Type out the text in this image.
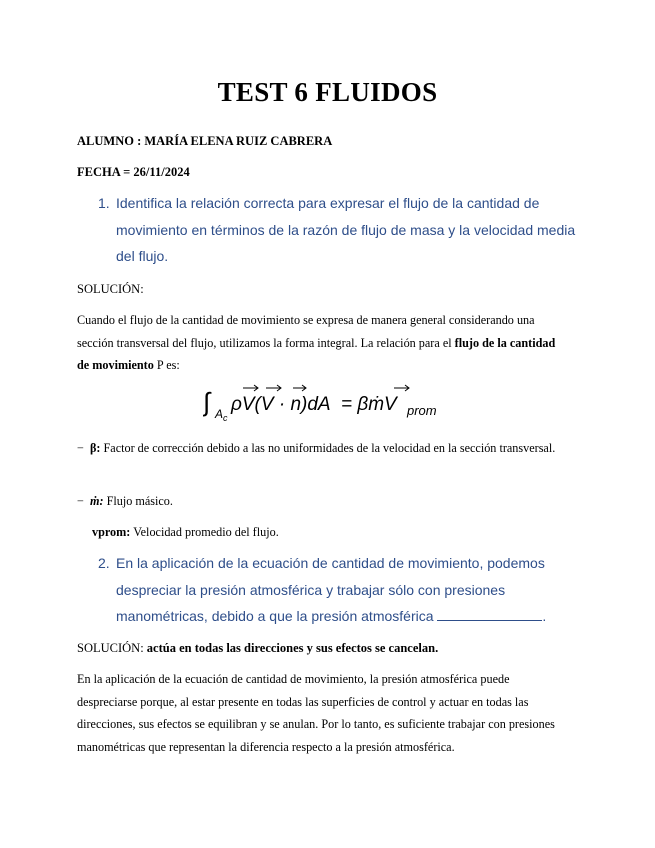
TEST 6 FLUIDOS
ALUMNO : MARÍA ELENA RUIZ CABRERA
FECHA = 26/11/2024
1. Identifica la relación correcta para expresar el flujo de la cantidad de movimiento en términos de la razón de flujo de masa y la velocidad media del flujo.
SOLUCIÓN:
Cuando el flujo de la cantidad de movimiento se expresa de manera general considerando una sección transversal del flujo, utilizamos la forma integral. La relación para el flujo de la cantidad de movimiento P es:
∫ A c
ρV(V · n)dA = βṁV prom
− β: Factor de corrección debido a las no uniformidades de la velocidad en la sección transversal.
− ṁ: Flujo másico.
vprom: Velocidad promedio del flujo.
2. En la aplicación de la ecuación de cantidad de movimiento, podemos despreciar la presión atmosférica y trabajar sólo con presiones manométricas, debido a que la presión atmosférica	.
SOLUCIÓN: actúa en todas las direcciones y sus efectos se cancelan.
En la aplicación de la ecuación de cantidad de movimiento, la presión atmosférica puede despreciarse porque, al estar presente en todas las superficies de control y actuar en todas las direcciones, sus efectos se equilibran y se anulan. Por lo tanto, es suficiente trabajar con presiones manométricas que representan la diferencia respecto a la presión atmosférica.
